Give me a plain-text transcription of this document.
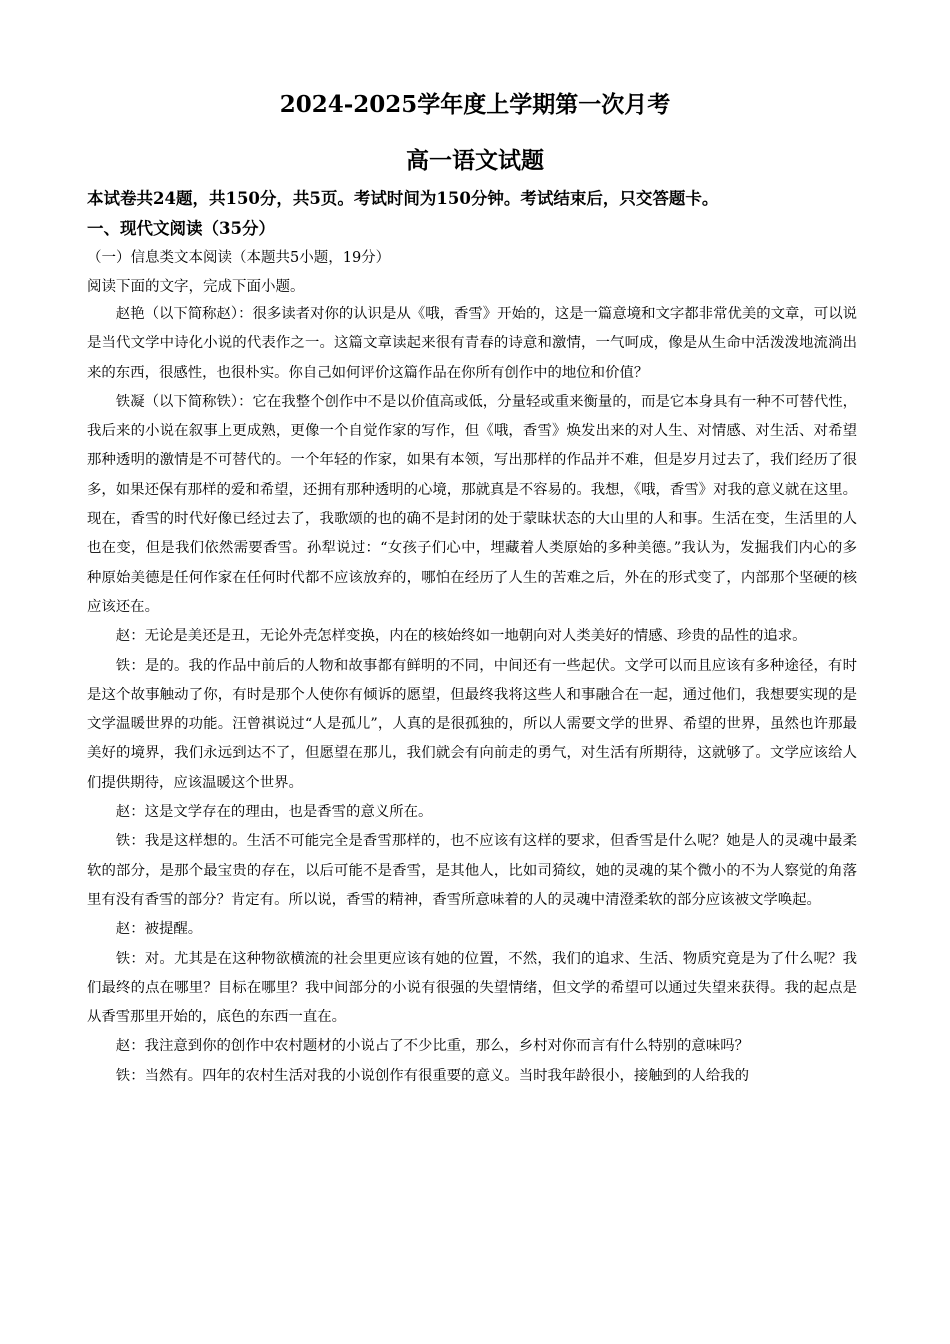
2024-2025学年度上学期第一次月考
高一语文试题
本试卷共24题，共150分，共5页。考试时间为150分钟。考试结束后，只交答题卡。
一、现代文阅读（35分）
（一）信息类文本阅读（本题共5小题，19分）
阅读下面的文字，完成下面小题。

赵艳（以下简称赵）：很多读者对你的认识是从《哦，香雪》开始的，这是一篇意境和文字都非常优美的文章，可以说是当代文学中诗化小说的代表作之一。这篇文章读起来很有青春的诗意和激情，一气呵成，像是从生命中活泼泼地流淌出来的东西，很感性，也很朴实。你自己如何评价这篇作品在你所有创作中的地位和价值？

铁凝（以下简称铁）：它在我整个创作中不是以价值高或低，分量轻或重来衡量的，而是它本身具有一种不可替代性，我后来的小说在叙事上更成熟，更像一个自觉作家的写作，但《哦，香雪》焕发出来的对人生、对情感、对生活、对希望那种透明的激情是不可替代的。一个年轻的作家，如果有本领，写出那样的作品并不难，但是岁月过去了，我们经历了很多，如果还保有那样的爱和希望，还拥有那种透明的心境，那就真是不容易的。我想，《哦，香雪》对我的意义就在这里。现在，香雪的时代好像已经过去了，我歌颂的也的确不是封闭的处于蒙昧状态的大山里的人和事。生活在变，生活里的人也在变，但是我们依然需要香雪。孙犁说过：“女孩子们心中，埋藏着人类原始的多种美德。”我认为，发掘我们内心的多种原始美德是任何作家在任何时代都不应该放弃的，哪怕在经历了人生的苦难之后，外在的形式变了，内部那个坚硬的核应该还在。

赵：无论是美还是丑，无论外壳怎样变换，内在的核始终如一地朝向对人类美好的情感、珍贵的品性的追求。

铁：是的。我的作品中前后的人物和故事都有鲜明的不同，中间还有一些起伏。文学可以而且应该有多种途径，有时是这个故事触动了你，有时是那个人使你有倾诉的愿望，但最终我将这些人和事融合在一起，通过他们，我想要实现的是文学温暖世界的功能。汪曾祺说过“人是孤儿”，人真的是很孤独的，所以人需要文学的世界、希望的世界，虽然也许那最美好的境界，我们永远到达不了，但愿望在那儿，我们就会有向前走的勇气，对生活有所期待，这就够了。文学应该给人们提供期待，应该温暖这个世界。

赵：这是文学存在的理由，也是香雪的意义所在。

铁：我是这样想的。生活不可能完全是香雪那样的，也不应该有这样的要求，但香雪是什么呢？她是人的灵魂中最柔软的部分，是那个最宝贵的存在，以后可能不是香雪，是其他人，比如司猗纹，她的灵魂的某个微小的不为人察觉的角落里有没有香雪的部分？肯定有。所以说，香雪的精神，香雪所意味着的人的灵魂中清澄柔软的部分应该被文学唤起。

赵：被提醒。

铁：对。尤其是在这种物欲横流的社会里更应该有她的位置，不然，我们的追求、生活、物质究竟是为了什么呢？我们最终的点在哪里？目标在哪里？我中间部分的小说有很强的失望情绪，但文学的希望可以通过失望来获得。我的起点是从香雪那里开始的，底色的东西一直在。

赵：我注意到你的创作中农村题材的小说占了不少比重，那么，乡村对你而言有什么特别的意味吗？

铁：当然有。四年的农村生活对我的小说创作有很重要的意义。当时我年龄很小，接触到的人给我的
